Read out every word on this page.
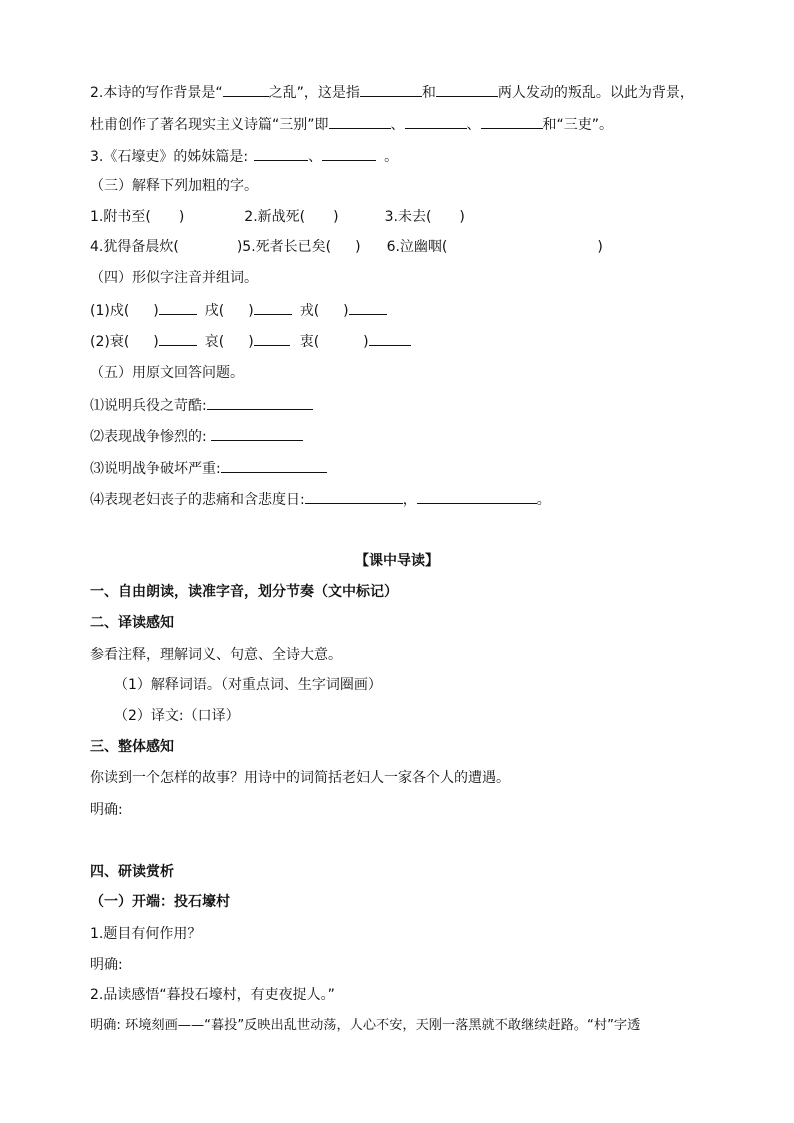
2.本诗的写作背景是“	之乱”，这是指	和	两人发动的叛乱。以此为背景，
杜甫创作了著名现实主义诗篇“三别”即	、	、	和“三吏”。
3.《石壕吏》的姊妹篇是:	、	。
（三）解释下列加粗的字。
1.附书至( )	2.新战死( )	3.未去( )
4.犹得备晨炊(	)5.死者长已矣( ) 6.泣幽咽(	)
（四）形似字注音并组词。
(1)戍( )	戌( )	戎( )
(2)衰( )	哀( )	衷(	)
（五）用原文回答问题。
⑴说明兵役之苛酷:
⑵表现战争惨烈的:
⑶说明战争破坏严重:
⑷表现老妇丧子的悲痛和含悲度日:	，	。
【课中导读】
一、自由朗读，读准字音，划分节奏（文中标记）
二、译读感知
参看注释，理解词义、句意、全诗大意。
（1）解释词语。（对重点词、生字词圈画）
（2）译文:（口译）
三、整体感知
你读到一个怎样的故事？用诗中的词简括老妇人一家各个人的遭遇。
明确:
四、研读赏析
（一）开端：投石壕村
1.题目有何作用？
明确:
2.品读感悟“暮投石壕村，有吏夜捉人。”
明确: 环境刻画——“暮投”反映出乱世动荡，人心不安，天刚一落黑就不敢继续赶路。“村”字透
